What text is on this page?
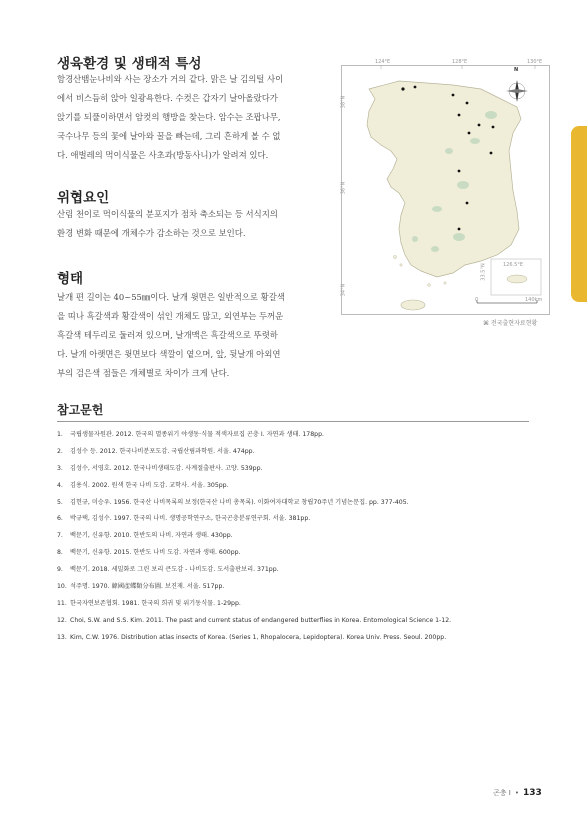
생육환경 및 생태적 특성
함경산뱀눈나비와 사는 장소가 거의 같다. 맑은 날 김의털 사이
에서 비스듬히 앉아 일광욕한다. 수컷은 갑자기 날아올랐다가
앉기를 되풀이하면서 암컷의 행방을 찾는다. 암수는 조팝나무,
국수나무 등의 꽃에 날아와 꿀을 빠는데, 그리 흔하게 볼 수 없
다. 애벌레의 먹이식물은 사초과(방동사니)가 알려져 있다.
위협요인
산림 천이로 먹이식물의 분포지가 점차 축소되는 등 서식지의
환경 변화 때문에 개체수가 감소하는 것으로 보인다.
형태
날개 편 길이는 40~55㎜이다. 날개 윗면은 일반적으로 황갈색
을 띠나 흑갈색과 황갈색이 섞인 개체도 많고, 외연부는 두꺼운
흑갈색 테두리로 둘러져 있으며, 날개맥은 흑갈색으로 뚜렷하
다. 날개 아랫면은 윗면보다 색깔이 옅으며, 앞, 뒷날개 아외연
부의 검은색 점들은 개체별로 차이가 크게 난다.
124°E	128°E	130°E
38°N
36°N
34°N
33.5°N	126.5°E
N
0	140km
⌘ 전국출현자료현황
참고문헌
1. 국립생물자원관. 2012. 한국의 멸종위기 야생동·식물 적색자료집 곤충 I. 자연과 생태. 178pp.
2. 김성수 등. 2012. 한국나비분포도감. 국립산림과학원. 서울. 474pp.
3. 김성수, 서영호. 2012. 한국나비생태도감. 사계절출판사. 고양. 539pp.
4. 김용식. 2002. 원색 한국 나비 도감. 교학사. 서울. 305pp.
5. 김헌규, 미승우. 1956. 한국산 나비목록의 보정(한국산 나비 총목록). 이화여자대학교 창립70주년 기념논문집. pp. 377-405.
6. 박규택, 김성수. 1997. 한국의 나비. 생명공학연구소, 한국곤충분류연구회. 서울. 381pp.
7. 백문기, 신유항. 2010. 한반도의 나비. 자연과 생태. 430pp.
8. 백문기, 신유항. 2015. 한반도 나비 도감. 자연과 생태. 600pp.
9. 백문기. 2018. 세밀화로 그린 보리 큰도감 - 나비도감. 도서출판보리. 371pp.
10. 석주명. 1970. 韓國產蝶類分布圖. 보진재. 서울. 517pp.
11. 한국자연보존협회. 1981. 한국의 희귀 및 위기동식물. 1-29pp.
12. Choi, S.W. and S.S. Kim. 2011. The past and current status of endangered butterflies in Korea. Entomological Science 1-12.
13. Kim, C.W. 1976. Distribution atlas insects of Korea. (Series 1, Rhopalocera, Lepidoptera). Korea Univ. Press. Seoul. 200pp.
곤충 I • 133
